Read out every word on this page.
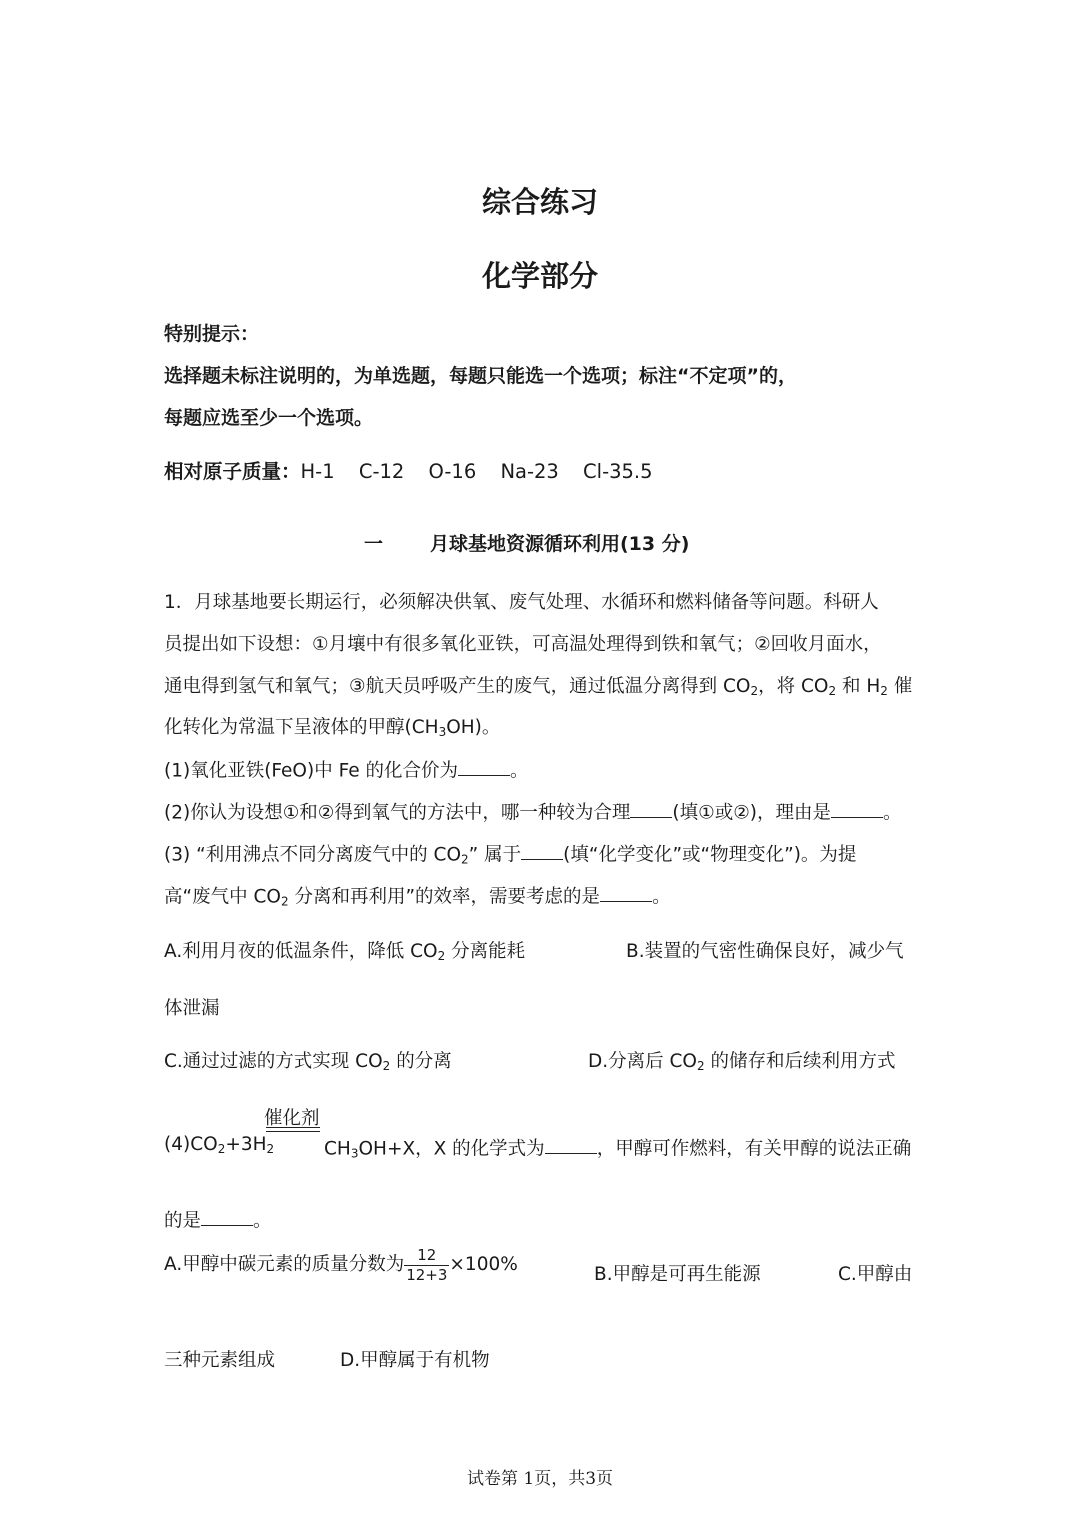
综合练习
化学部分
特别提示：
选择题未标注说明的，为单选题，每题只能选一个选项；标注“不定项”的，
每题应选至少一个选项。
相对原子质量：H-1 C-12 O-16 Na-23 Cl-35.5
一 月球基地资源循环利用(13 分)
1．月球基地要长期运行，必须解决供氧、废气处理、水循环和燃料储备等问题。科研人
员提出如下设想：①月壤中有很多氧化亚铁，可高温处理得到铁和氧气；②回收月面水，
通电得到氢气和氧气；③航天员呼吸产生的废气，通过低温分离得到 $CO_2$，将 $CO_2$ 和 $H_2$ 催
化转化为常温下呈液体的甲醇$(CH_3OH)$。
(1)氧化亚铁(FeO)中 Fe 的化合价为	。
(2)你认为设想①和②得到氧气的方法中，哪一种较为合理 (填①或②)，理由是	。
(3) “利用沸点不同分离废气中的 $CO_2$” 属于 (填“化学变化”或“物理变化”)。为提
高“废气中 $CO_2$ 分离和再利用”的效率，需要考虑的是	。
A.利用月夜的低温条件，降低 $CO_2$ 分离能耗	B.装置的气密性确保良好，减少气
体泄漏
C.通过过滤的方式实现 $CO_2$ 的分离	D.分离后 $CO_2$ 的储存和后续利用方式
催化剂
$(4)CO_2+3H_2$	$CH_3OH+X$，X 的化学式为	，甲醇可作燃料，有关甲醇的说法正确
的是	。
A.甲醇中碳元素的质量分数为 $\frac{12}{12+3} \times 100\%$	B.甲醇是可再生能源	C.甲醇由
三种元素组成	D.甲醇属于有机物
试卷第 1页，共3页
